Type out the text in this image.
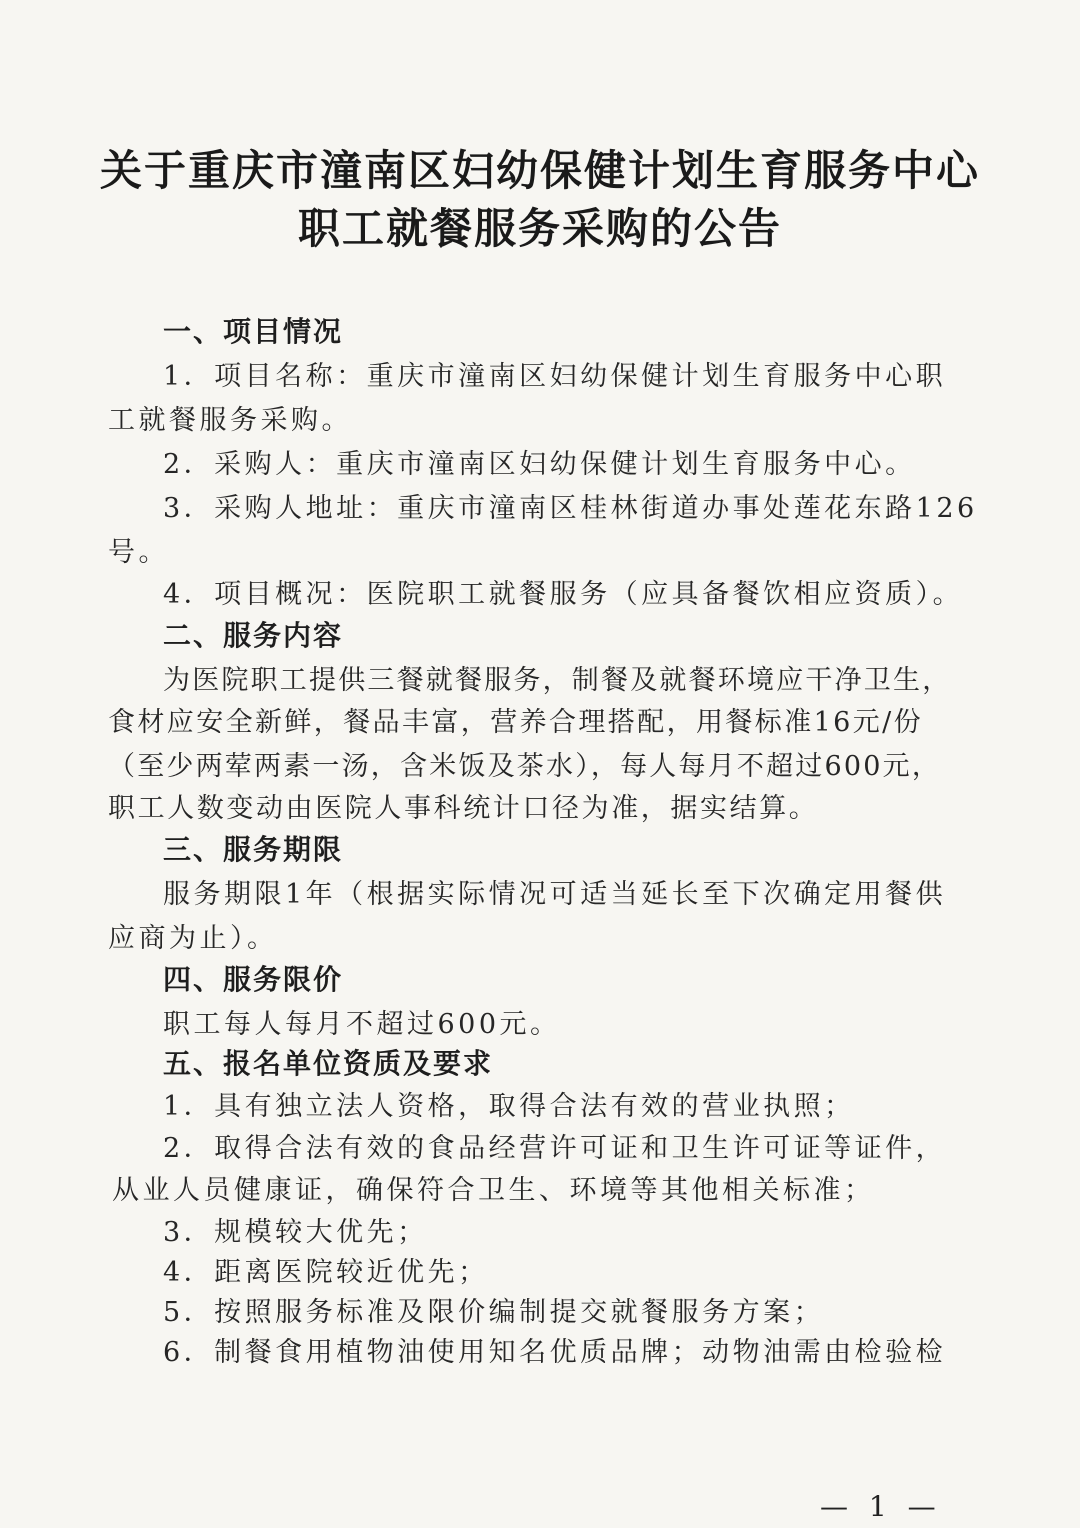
关于重庆市潼南区妇幼保健计划生育服务中心
职工就餐服务采购的公告
一、项目情况
1．项目名称：重庆市潼南区妇幼保健计划生育服务中心职
工就餐服务采购。
2．采购人：重庆市潼南区妇幼保健计划生育服务中心。
3．采购人地址：重庆市潼南区桂林街道办事处莲花东路126
号。
4．项目概况：医院职工就餐服务（应具备餐饮相应资质）。
二、服务内容
为医院职工提供三餐就餐服务，制餐及就餐环境应干净卫生，
食材应安全新鲜，餐品丰富，营养合理搭配，用餐标准16元/份
（至少两荤两素一汤，含米饭及茶水），每人每月不超过600元，
职工人数变动由医院人事科统计口径为准，据实结算。
三、服务期限
服务期限1年（根据实际情况可适当延长至下次确定用餐供
应商为止）。
四、服务限价
职工每人每月不超过600元。
五、报名单位资质及要求
1．具有独立法人资格，取得合法有效的营业执照；
2．取得合法有效的食品经营许可证和卫生许可证等证件，
从业人员健康证，确保符合卫生、环境等其他相关标准；
3．规模较大优先；
4．距离医院较近优先；
5．按照服务标准及限价编制提交就餐服务方案；
6．制餐食用植物油使用知名优质品牌；动物油需由检验检
— 1 —
